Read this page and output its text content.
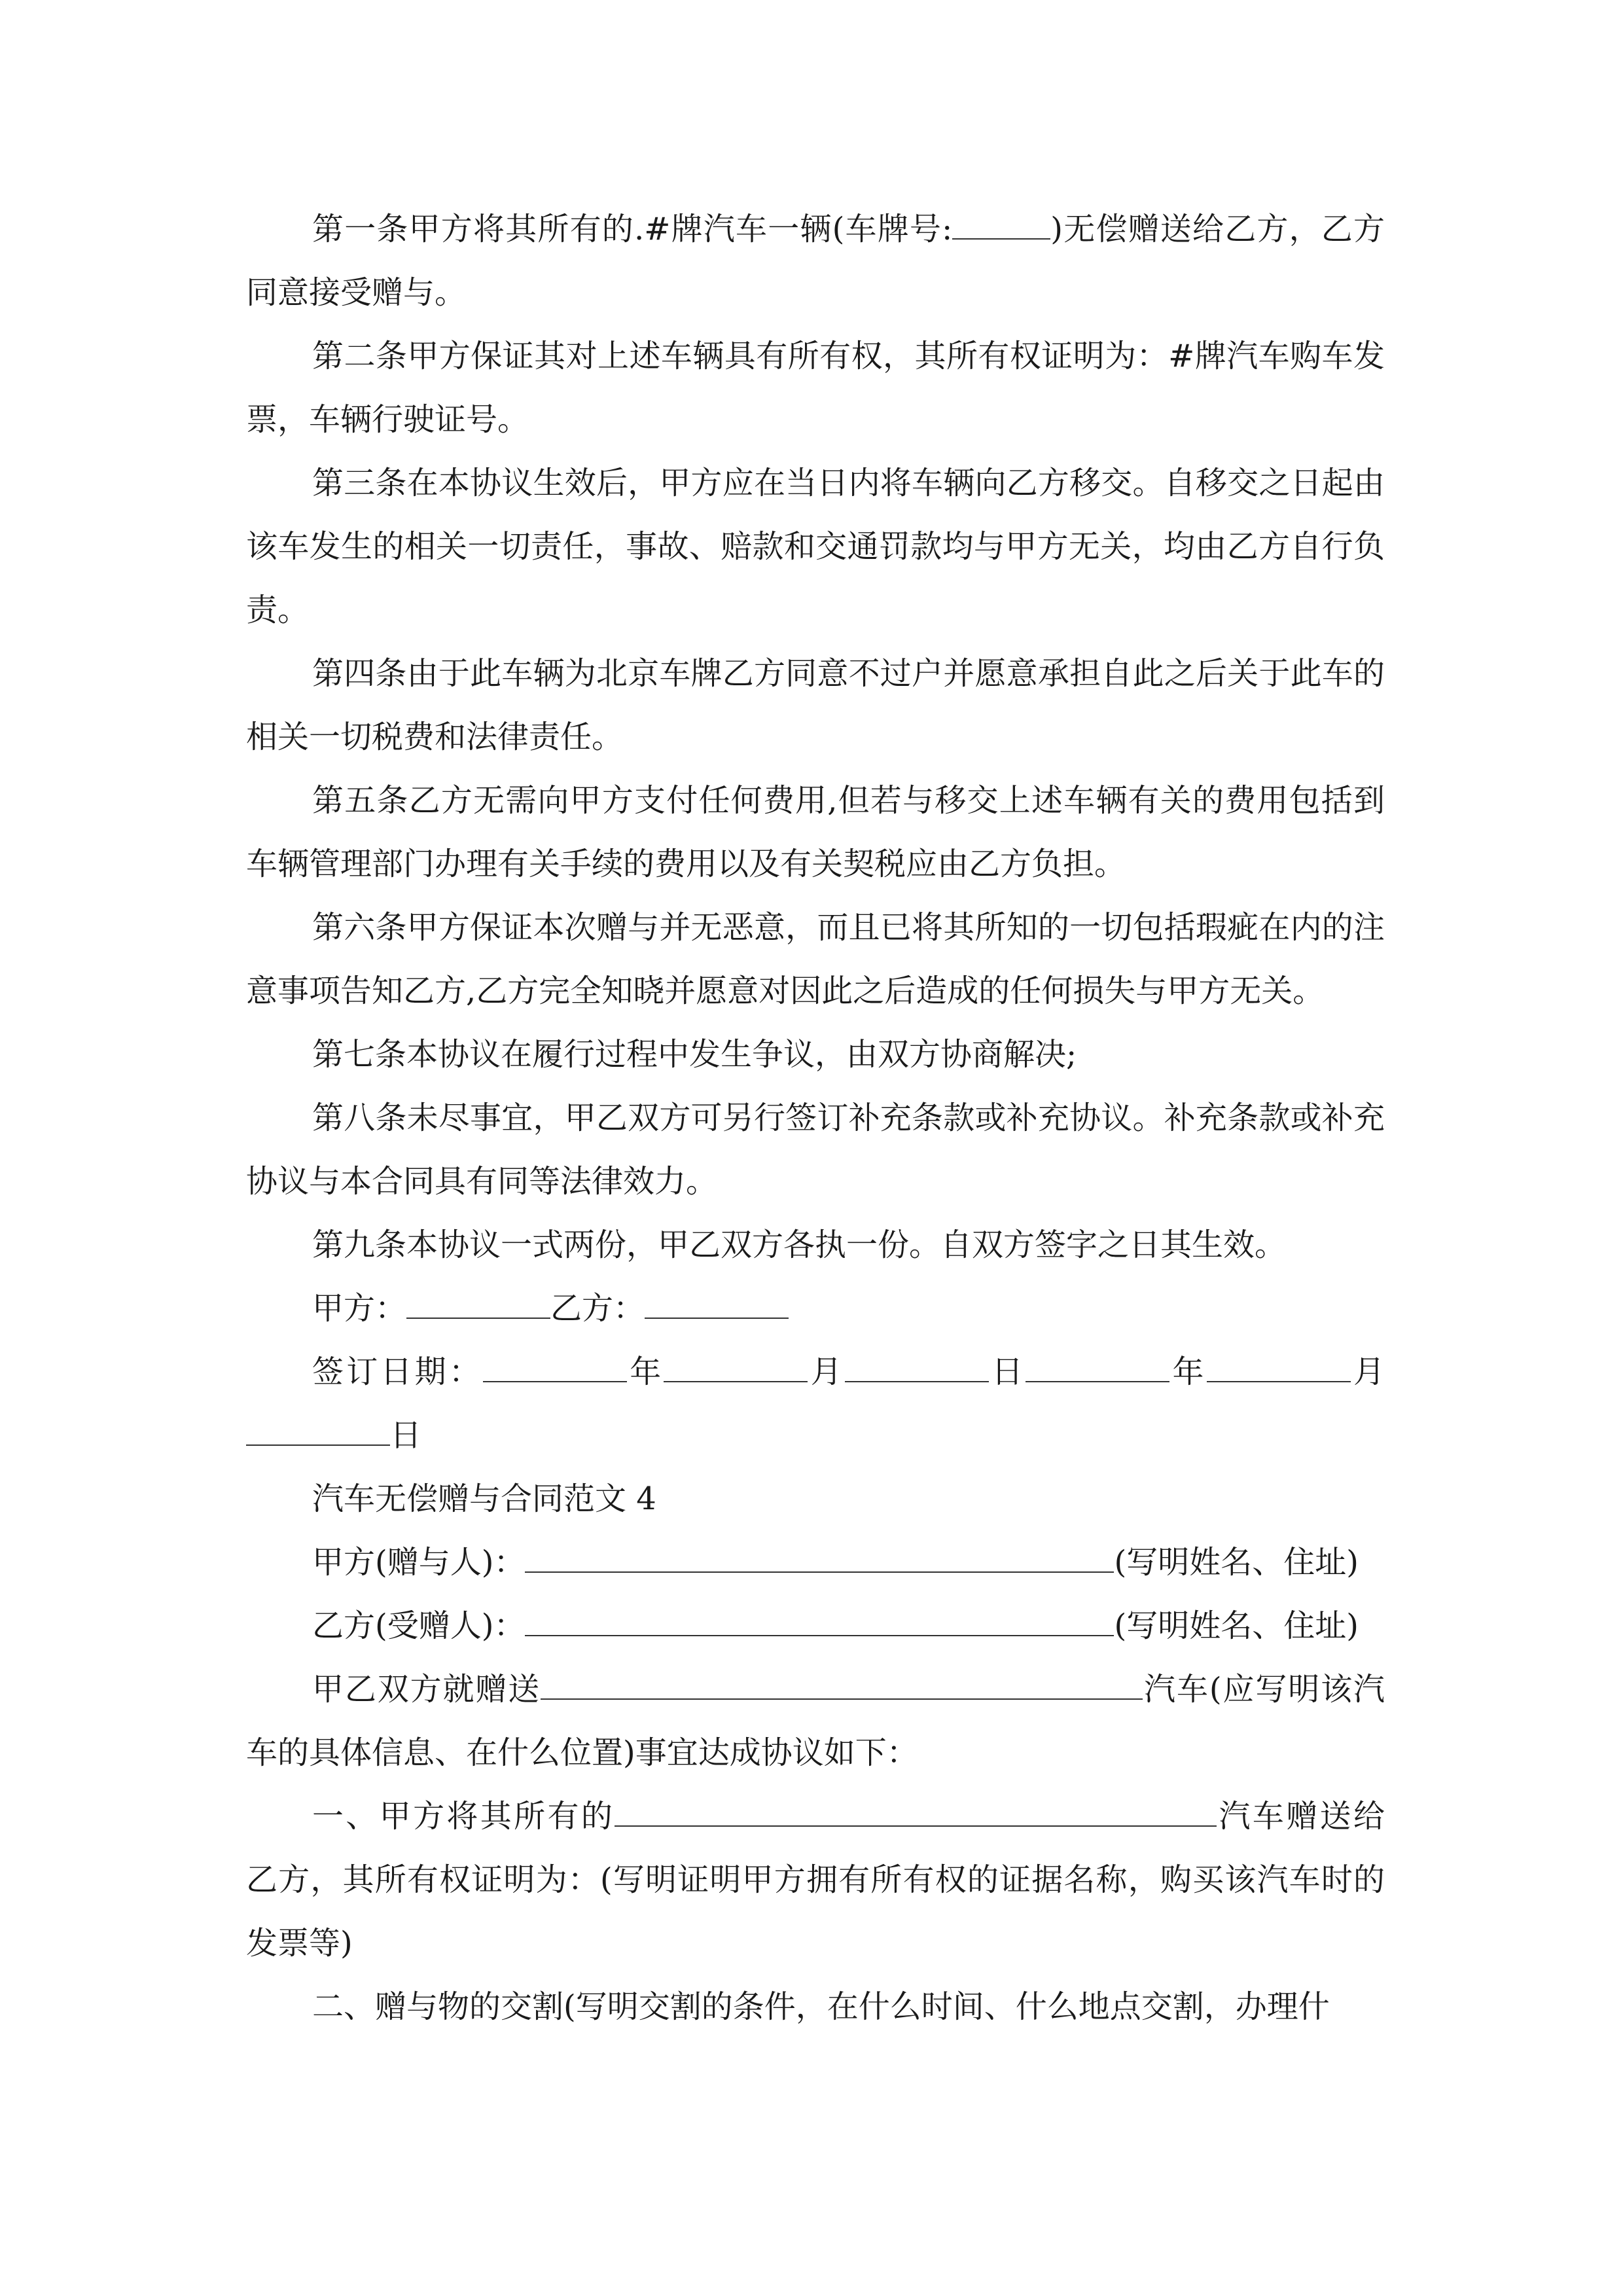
第一条甲方将其所有的.#牌汽车一辆(车牌号:	)无偿赠送给乙方，乙方同意接受赠与。

第二条甲方保证其对上述车辆具有所有权，其所有权证明为：#牌汽车购车发票，车辆行驶证号。

第三条在本协议生效后，甲方应在当日内将车辆向乙方移交。自移交之日起由该车发生的相关一切责任，事故、赔款和交通罚款均与甲方无关，均由乙方自行负责。

第四条由于此车辆为北京车牌乙方同意不过户并愿意承担自此之后关于此车的相关一切税费和法律责任。

第五条乙方无需向甲方支付任何费用,但若与移交上述车辆有关的费用包括到车辆管理部门办理有关手续的费用以及有关契税应由乙方负担。

第六条甲方保证本次赠与并无恶意，而且已将其所知的一切包括瑕疵在内的注意事项告知乙方,乙方完全知晓并愿意对因此之后造成的任何损失与甲方无关。

第七条本协议在履行过程中发生争议，由双方协商解决;

第八条未尽事宜，甲乙双方可另行签订补充条款或补充协议。补充条款或补充协议与本合同具有同等法律效力。

第九条本协议一式两份，甲乙双方各执一份。自双方签字之日其生效。

甲方：	乙方：

签订日期：	年	月	日	年	月日

汽车无偿赠与合同范文 4

甲方(赠与人)：	(写明姓名、住址)

乙方(受赠人)：	(写明姓名、住址)

甲乙双方就赠送	汽车(应写明该汽车的具体信息、在什么位置)事宜达成协议如下：

一、甲方将其所有的	汽车赠送给乙方，其所有权证明为：(写明证明甲方拥有所有权的证据名称，购买该汽车时的发票等)

二、赠与物的交割(写明交割的条件，在什么时间、什么地点交割，办理什
